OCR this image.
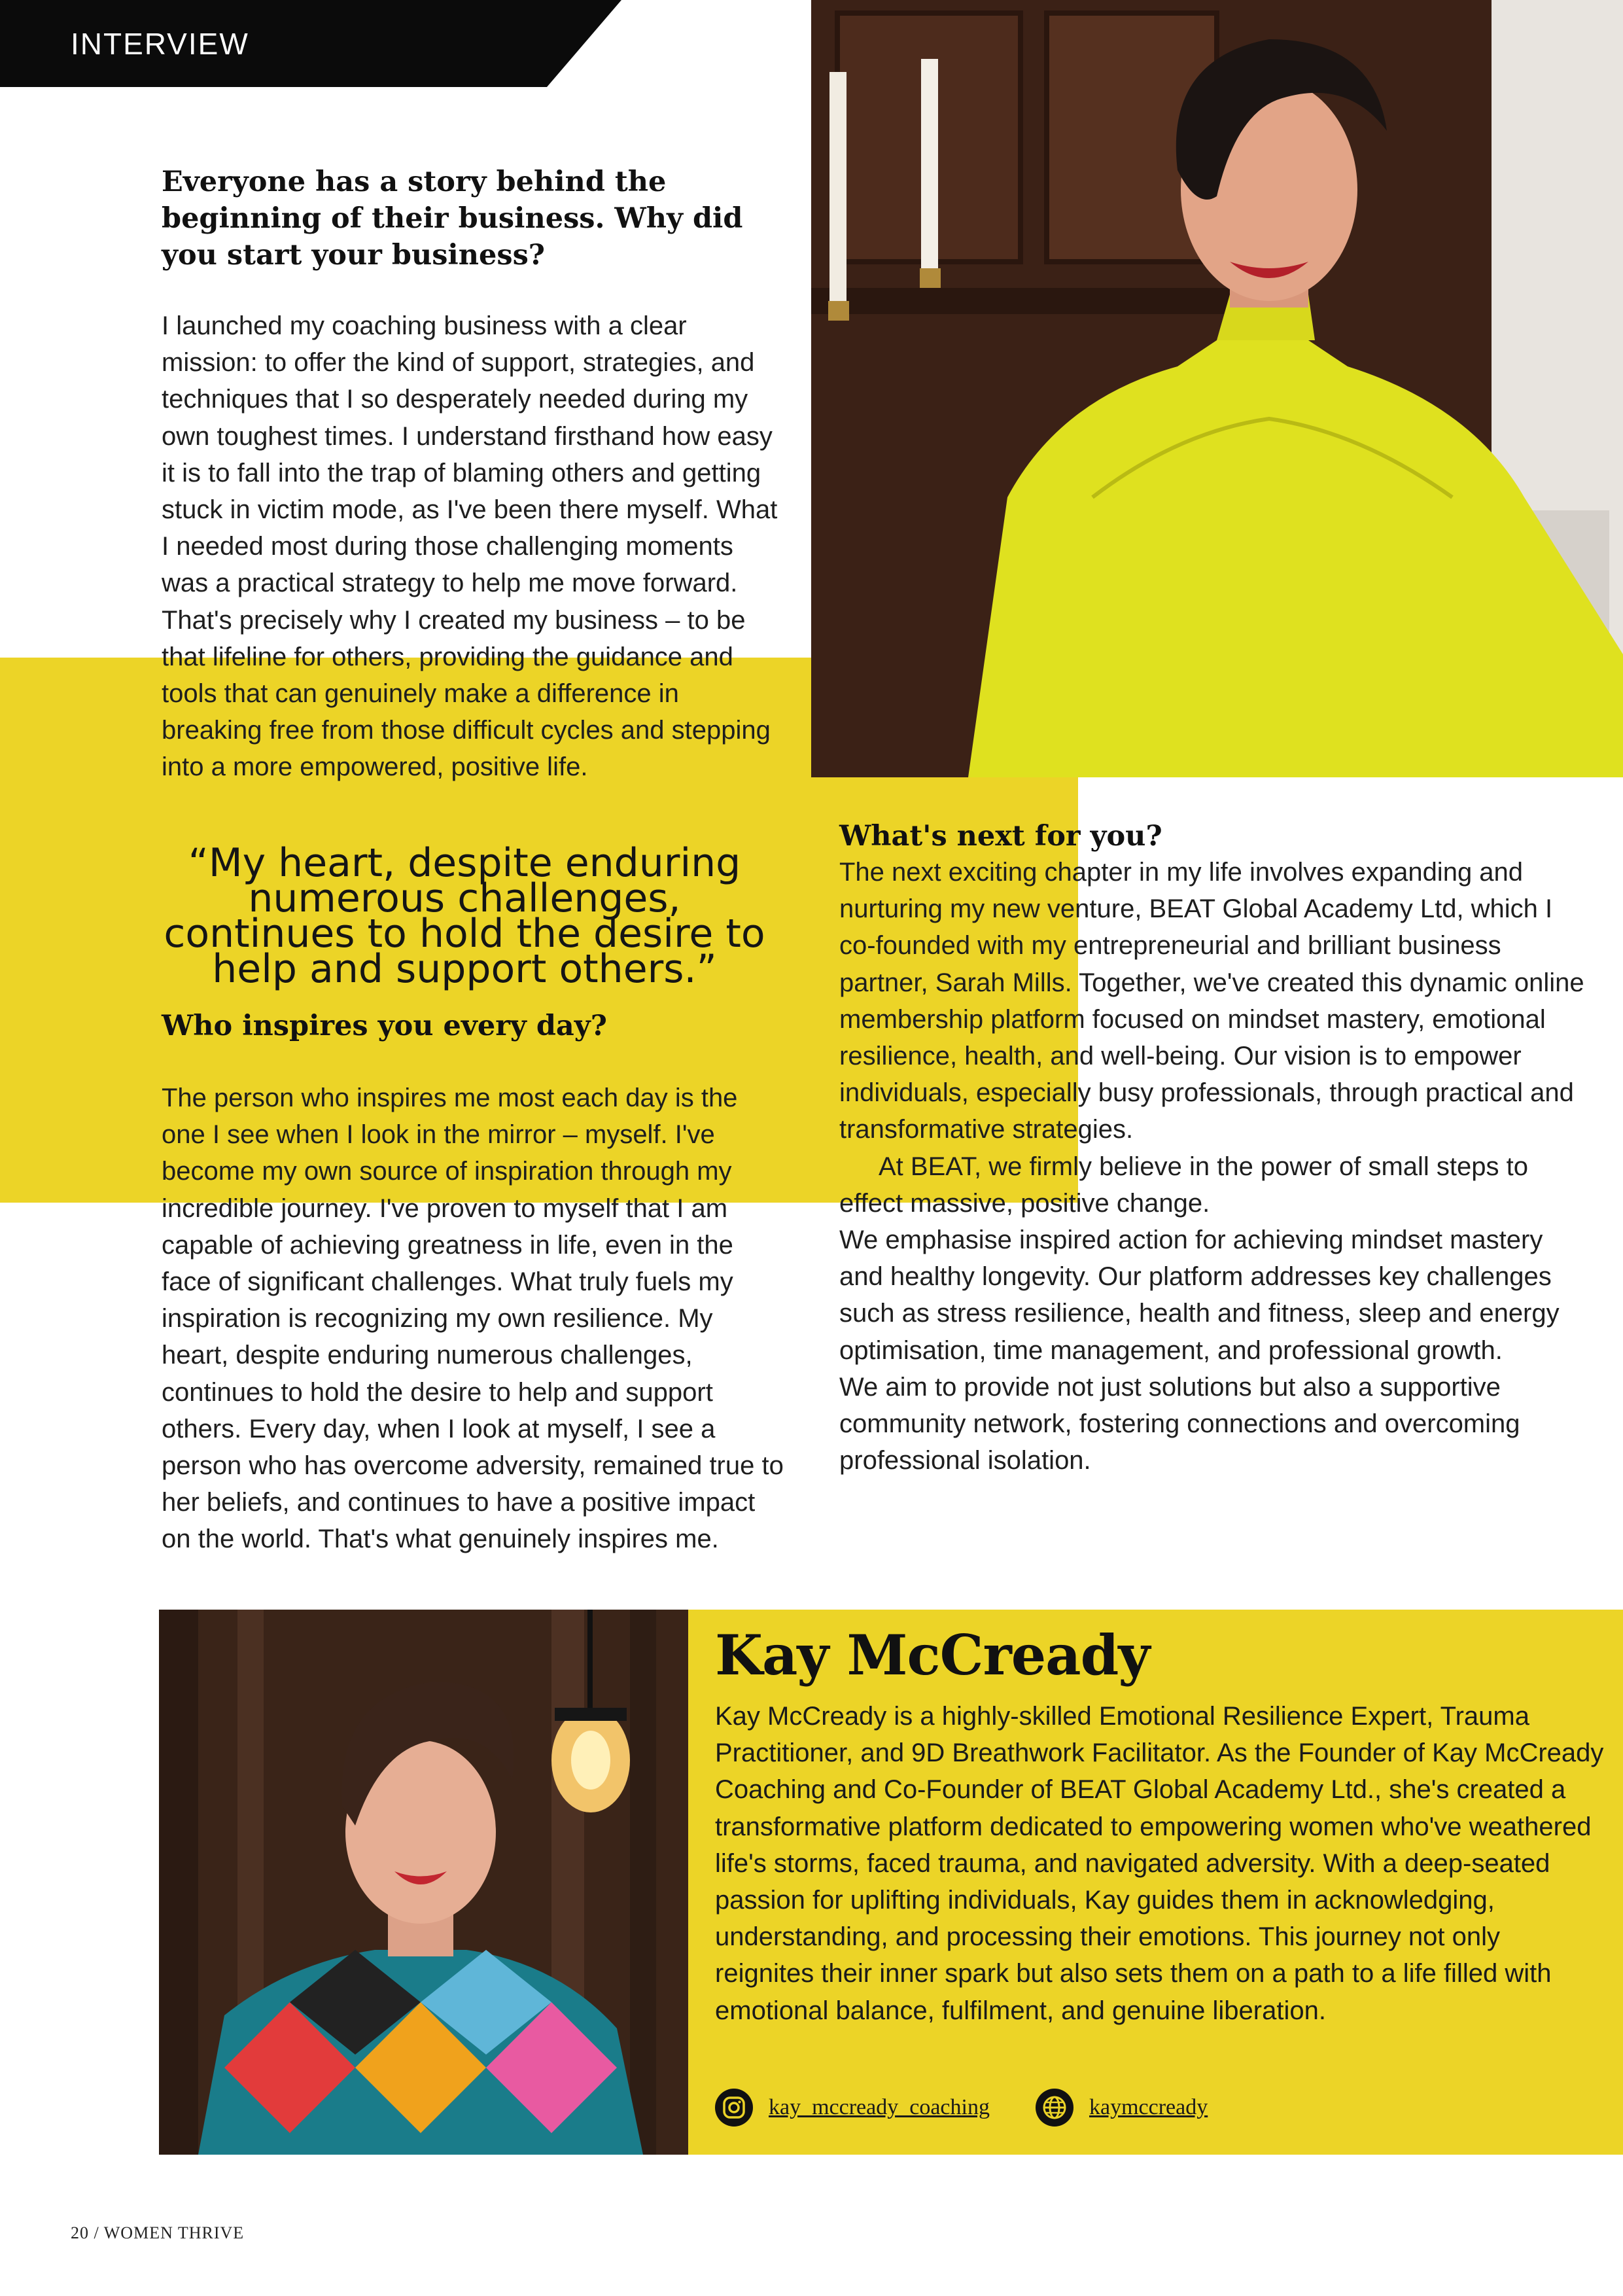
INTERVIEW
Everyone has a story behind the beginning of their business. Why did you start your business?

I launched my coaching business with a clear mission: to offer the kind of support, strategies, and techniques that I so desperately needed during my own toughest times. I understand firsthand how easy it is to fall into the trap of blaming others and getting stuck in victim mode, as I've been there myself. What I needed most during those challenging moments was a practical strategy to help me move forward. That's precisely why I created my business – to be that lifeline for others, providing the guidance and tools that can genuinely make a difference in breaking free from those difficult cycles and stepping into a more empowered, positive life.

“My heart, despite enduring numerous challenges, continues to hold the desire to help and support others.”
Who inspires you every day?

The person who inspires me most each day is the one I see when I look in the mirror – myself. I've become my own source of inspiration through my incredible journey. I've proven to myself that I am capable of achieving greatness in life, even in the face of significant challenges. What truly fuels my inspiration is recognizing my own resilience. My heart, despite enduring numerous challenges, continues to hold the desire to help and support others. Every day, when I look at myself, I see a person who has overcome adversity, remained true to her beliefs, and continues to have a positive impact on the world. That's what genuinely inspires me.

What's next for you?

The next exciting chapter in my life involves expanding and nurturing my new venture, BEAT Global Academy Ltd, which I co-founded with my entrepreneurial and brilliant business partner, Sarah Mills. Together, we've created this dynamic online membership platform focused on mindset mastery, emotional resilience, health, and well-being. Our vision is to empower individuals, especially busy professionals, through practical and transformative strategies.

At BEAT, we firmly believe in the power of small steps to effect massive, positive change.

We emphasise inspired action for achieving mindset mastery and healthy longevity. Our platform addresses key challenges such as stress resilience, health and fitness, sleep and energy optimisation, time management, and professional growth.

We aim to provide not just solutions but also a supportive community network, fostering connections and overcoming professional isolation.

Kay McCready
Kay McCready is a highly-skilled Emotional Resilience Expert, Trauma Practitioner, and 9D Breathwork Facilitator. As the Founder of Kay McCready Coaching and Co-Founder of BEAT Global Academy Ltd., she's created a transformative platform dedicated to empowering women who've weathered life's storms, faced trauma, and navigated adversity. With a deep-seated passion for uplifting individuals, Kay guides them in acknowledging, understanding, and processing their emotions. This journey not only reignites their inner spark but also sets them on a path to a life filled with emotional balance, fulfilment, and genuine liberation.
kay_mccready_coaching	kaymccready
20 / WOMEN THRIVE
